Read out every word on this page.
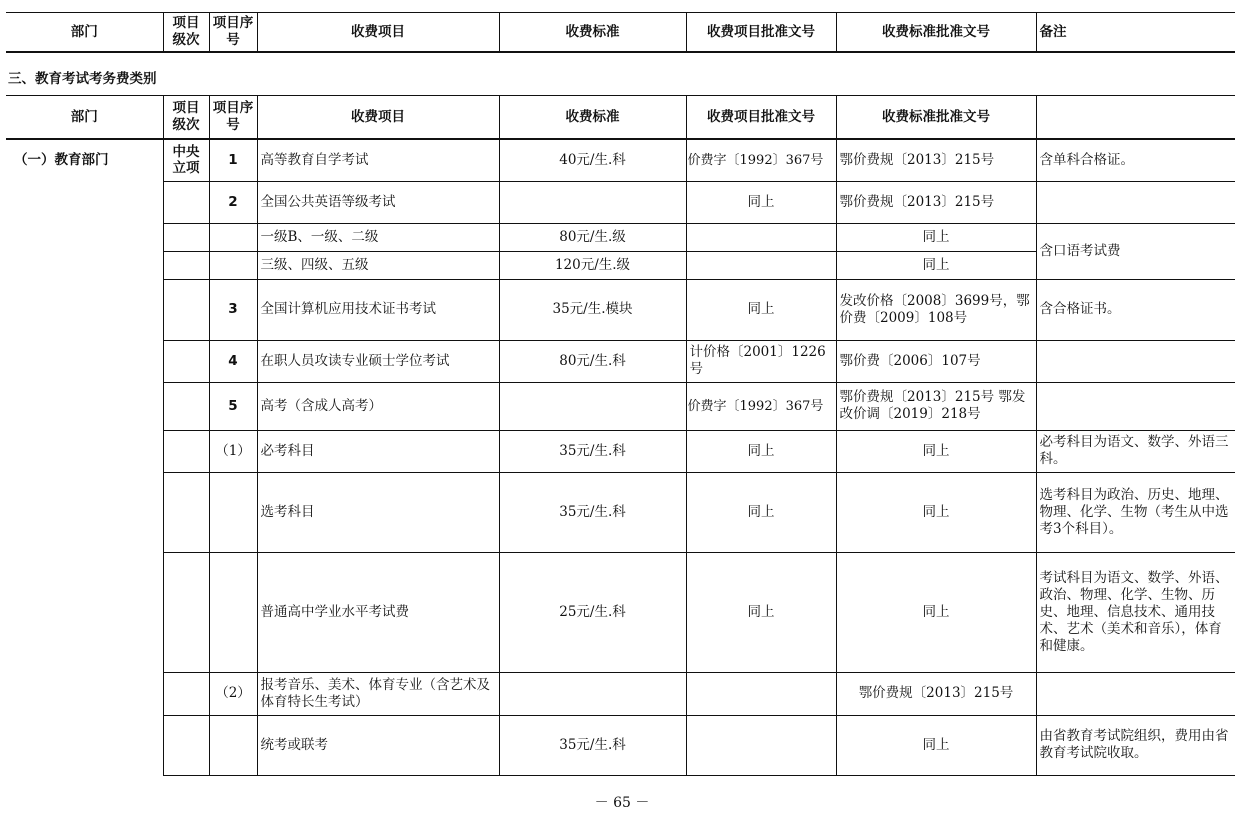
部门	项目级次	项目序号	收费项目	收费标准	收费项目批准文号	收费标准批准文号	备注
三、教育考试考务费类别
部门	项目级次	项目序号	收费项目	收费标准	收费项目批准文号	收费标准批准文号	
（一）教育部门	中央立项	1	高等教育自学考试	40元/生.科	价费字〔1992〕367号	鄂价费规〔2013〕215号	含单科合格证。
		2	全国公共英语等级考试		同上	鄂价费规〔2013〕215号	
			一级B、一级、二级	80元/生.级		同上	含口语考试费
			三级、四级、五级	120元/生.级		同上	
		3	全国计算机应用技术证书考试	35元/生.模块	同上	发改价格〔2008〕3699号，鄂价费〔2009〕108号	含合格证书。
		4	在职人员攻读专业硕士学位考试	80元/生.科	计价格〔2001〕1226号	鄂价费〔2006〕107号	
		5	高考（含成人高考）		价费字〔1992〕367号	鄂价费规〔2013〕215号 鄂发改价调〔2019〕218号	
		（1）	必考科目	35元/生.科	同上	同上	必考科目为语文、数学、外语三科。
			选考科目	35元/生.科	同上	同上	选考科目为政治、历史、地理、物理、化学、生物（考生从中选考3个科目）。
			普通高中学业水平考试费	25元/生.科	同上	同上	考试科目为语文、数学、外语、政治、物理、化学、生物、历史、地理、信息技术、通用技术、艺术（美术和音乐），体育和健康。
		（2）	报考音乐、美术、体育专业（含艺术及体育特长生考试）			鄂价费规〔2013〕215号	
			统考或联考	35元/生.科		同上	由省教育考试院组织，费用由省教育考试院收取。
－ 65 －
